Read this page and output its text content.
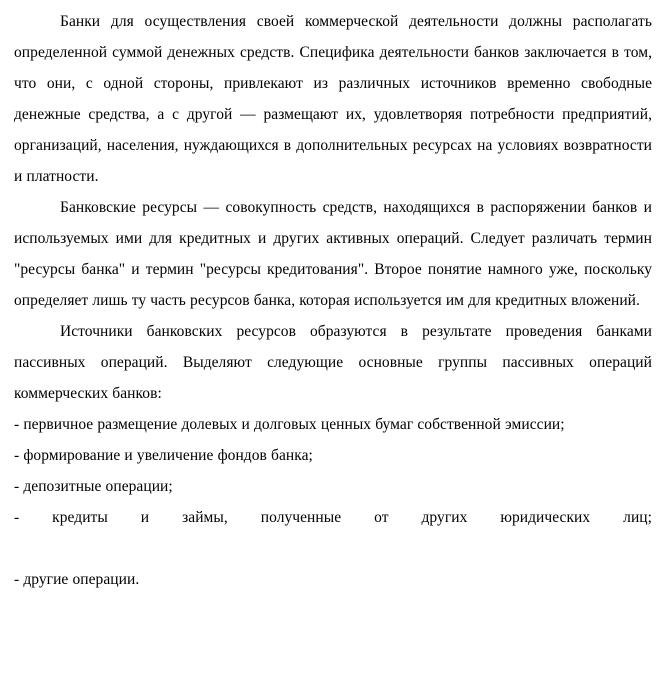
Банки для осуществления своей коммерческой деятельности должны располагать определенной суммой денежных средств. Специфика деятельности банков заключается в том, что они, с одной стороны, привлекают из различных источников временно свободные денежные средства, а с другой — размещают их, удовлетворяя потребности предприятий, организаций, населения, нуждающихся в дополнительных ресурсах на условиях возвратности и платности.

Банковские ресурсы — совокупность средств, находящихся в распоряжении банков и используемых ими для кредитных и других активных операций. Следует различать термин "ресурсы банка" и термин "ресурсы кредитования". Второе понятие намного уже, поскольку определяет лишь ту часть ресурсов банка, которая используется им для кредитных вложений.

Источники банковских ресурсов образуются в результате проведения банками пассивных операций. Выделяют следующие основные группы пассивных операций коммерческих банков:

- первичное размещение долевых и долговых ценных бумаг собственной эмиссии;

- формирование и увеличение фондов банка;

- депозитные операции;

- кредиты и займы, полученные от других юридических лиц;

- другие операции.
